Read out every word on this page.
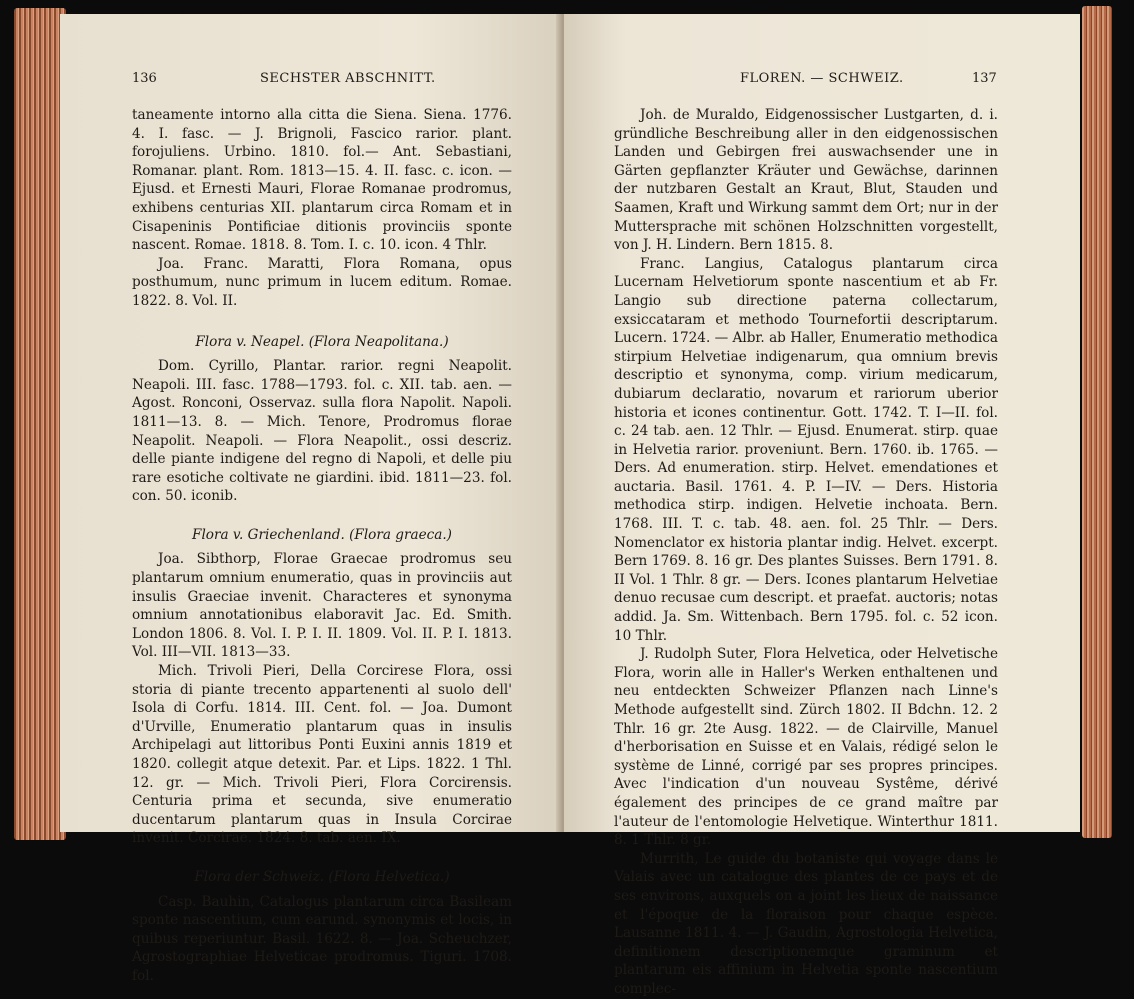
136	SECHSTER ABSCHNITT.

taneamente intorno alla citta die Siena. Siena. 1776. 4. I. fasc. — J. Brignoli, Fascico rarior. plant. forojuliens. Urbino. 1810. fol.— Ant. Sebastiani, Romanar. plant. Rom. 1813—15. 4. II. fasc. c. icon. — Ejusd. et Ernesti Mauri, Florae Romanae prodromus, exhibens centurias XII. plantarum circa Romam et in Cisapeninis Pontificiae ditionis provinciis sponte nascent. Romae. 1818. 8. Tom. I. c. 10. icon. 4 Thlr.

Joa. Franc. Maratti, Flora Romana, opus posthumum, nunc primum in lucem editum. Romae. 1822. 8. Vol. II.

Flora v. Neapel. (Flora Neapolitana.)

Dom. Cyrillo, Plantar. rarior. regni Neapolit. Neapoli. III. fasc. 1788—1793. fol. c. XII. tab. aen. — Agost. Ronconi, Osservaz. sulla flora Napolit. Napoli. 1811—13. 8. — Mich. Tenore, Prodromus florae Neapolit. Neapoli. — Flora Neapolit., ossi descriz. delle piante indigene del regno di Napoli, et delle piu rare esotiche coltivate ne giardini. ibid. 1811—23. fol. con. 50. iconib.

Flora v. Griechenland. (Flora graeca.)

Joa. Sibthorp, Florae Graecae prodromus seu plantarum omnium enumeratio, quas in provinciis aut insulis Graeciae invenit. Characteres et synonyma omnium annotationibus elaboravit Jac. Ed. Smith. London 1806. 8. Vol. I. P. I. II. 1809. Vol. II. P. I. 1813. Vol. III—VII. 1813—33.

Mich. Trivoli Pieri, Della Corcirese Flora, ossi storia di piante trecento appartenenti al suolo dell' Isola di Corfu. 1814. III. Cent. fol. — Joa. Dumont d'Urville, Enumeratio plantarum quas in insulis Archipelagi aut littoribus Ponti Euxini annis 1819 et 1820. collegit atque detexit. Par. et Lips. 1822. 1 Thl. 12. gr. — Mich. Trivoli Pieri, Flora Corcirensis. Centuria prima et secunda, sive enumeratio ducentarum plantarum quas in Insula Corcirae invenit. Corcirae. 1824. 8. tab. aen. IX.

Flora der Schweiz. (Flora Helvetica.)

Casp. Bauhin, Catalogus plantarum circa Basileam sponte nascentium, cum earund. synonymis et locis, in quibus reperiuntur. Basil. 1622. 8. — Joa. Scheuchzer, Agrostographiae Helveticae prodromus. Tiguri. 1708. fol.

FLOREN. — SCHWEIZ.	137

Joh. de Muraldo, Eidgenossischer Lustgarten, d. i. gründliche Beschreibung aller in den eidgenossischen Landen und Gebirgen frei auswachsender une in Gärten gepflanzter Kräuter und Gewächse, darinnen der nutzbaren Gestalt an Kraut, Blut, Stauden und Saamen, Kraft und Wirkung sammt dem Ort; nur in der Muttersprache mit schönen Holzschnitten vorgestellt, von J. H. Lindern. Bern 1815. 8.

Franc. Langius, Catalogus plantarum circa Lucernam Helvetiorum sponte nascentium et ab Fr. Langio sub directione paterna collectarum, exsiccataram et methodo Tournefortii descriptarum. Lucern. 1724. — Albr. ab Haller, Enumeratio methodica stirpium Helvetiae indigenarum, qua omnium brevis descriptio et synonyma, comp. virium medicarum, dubiarum declaratio, novarum et rariorum uberior historia et icones continentur. Gott. 1742. T. I—II. fol. c. 24 tab. aen. 12 Thlr. — Ejusd. Enumerat. stirp. quae in Helvetia rarior. proveniunt. Bern. 1760. ib. 1765. — Ders. Ad enumeration. stirp. Helvet. emendationes et auctaria. Basil. 1761. 4. P. I—IV. — Ders. Historia methodica stirp. indigen. Helvetie inchoata. Bern. 1768. III. T. c. tab. 48. aen. fol. 25 Thlr. — Ders. Nomenclator ex historia plantar indig. Helvet. excerpt. Bern 1769. 8. 16 gr. Des plantes Suisses. Bern 1791. 8. II Vol. 1 Thlr. 8 gr. — Ders. Icones plantarum Helvetiae denuo recusae cum descript. et praefat. auctoris; notas addid. Ja. Sm. Wittenbach. Bern 1795. fol. c. 52 icon. 10 Thlr.

J. Rudolph Suter, Flora Helvetica, oder Helvetische Flora, worin alle in Haller's Werken enthaltenen und neu entdeckten Schweizer Pflanzen nach Linne's Methode aufgestellt sind. Zürch 1802. II Bdchn. 12. 2 Thlr. 16 gr. 2te Ausg. 1822. — de Clairville, Manuel d'herborisation en Suisse et en Valais, rédigé selon le système de Linné, corrigé par ses propres principes. Avec l'indication d'un nouveau Systême, dérivé également des principes de ce grand maître par l'auteur de l'entomologie Helvetique. Winterthur 1811. 8. 1 Thlr. 8 gr.

Murrith, Le guide du botaniste qui voyage dans le Valais avec un catalogue des plantes de ce pays et de ses environs, auxquels on a joint les lieux de naissance et l'époque de la floraison pour chaque espèce. Lausanne 1811. 4. — J. Gaudin, Agrostologia Helvetica, definitionem descriptionemque graminum et plantarum eis affinium in Helvetia sponte nascentium complec-
